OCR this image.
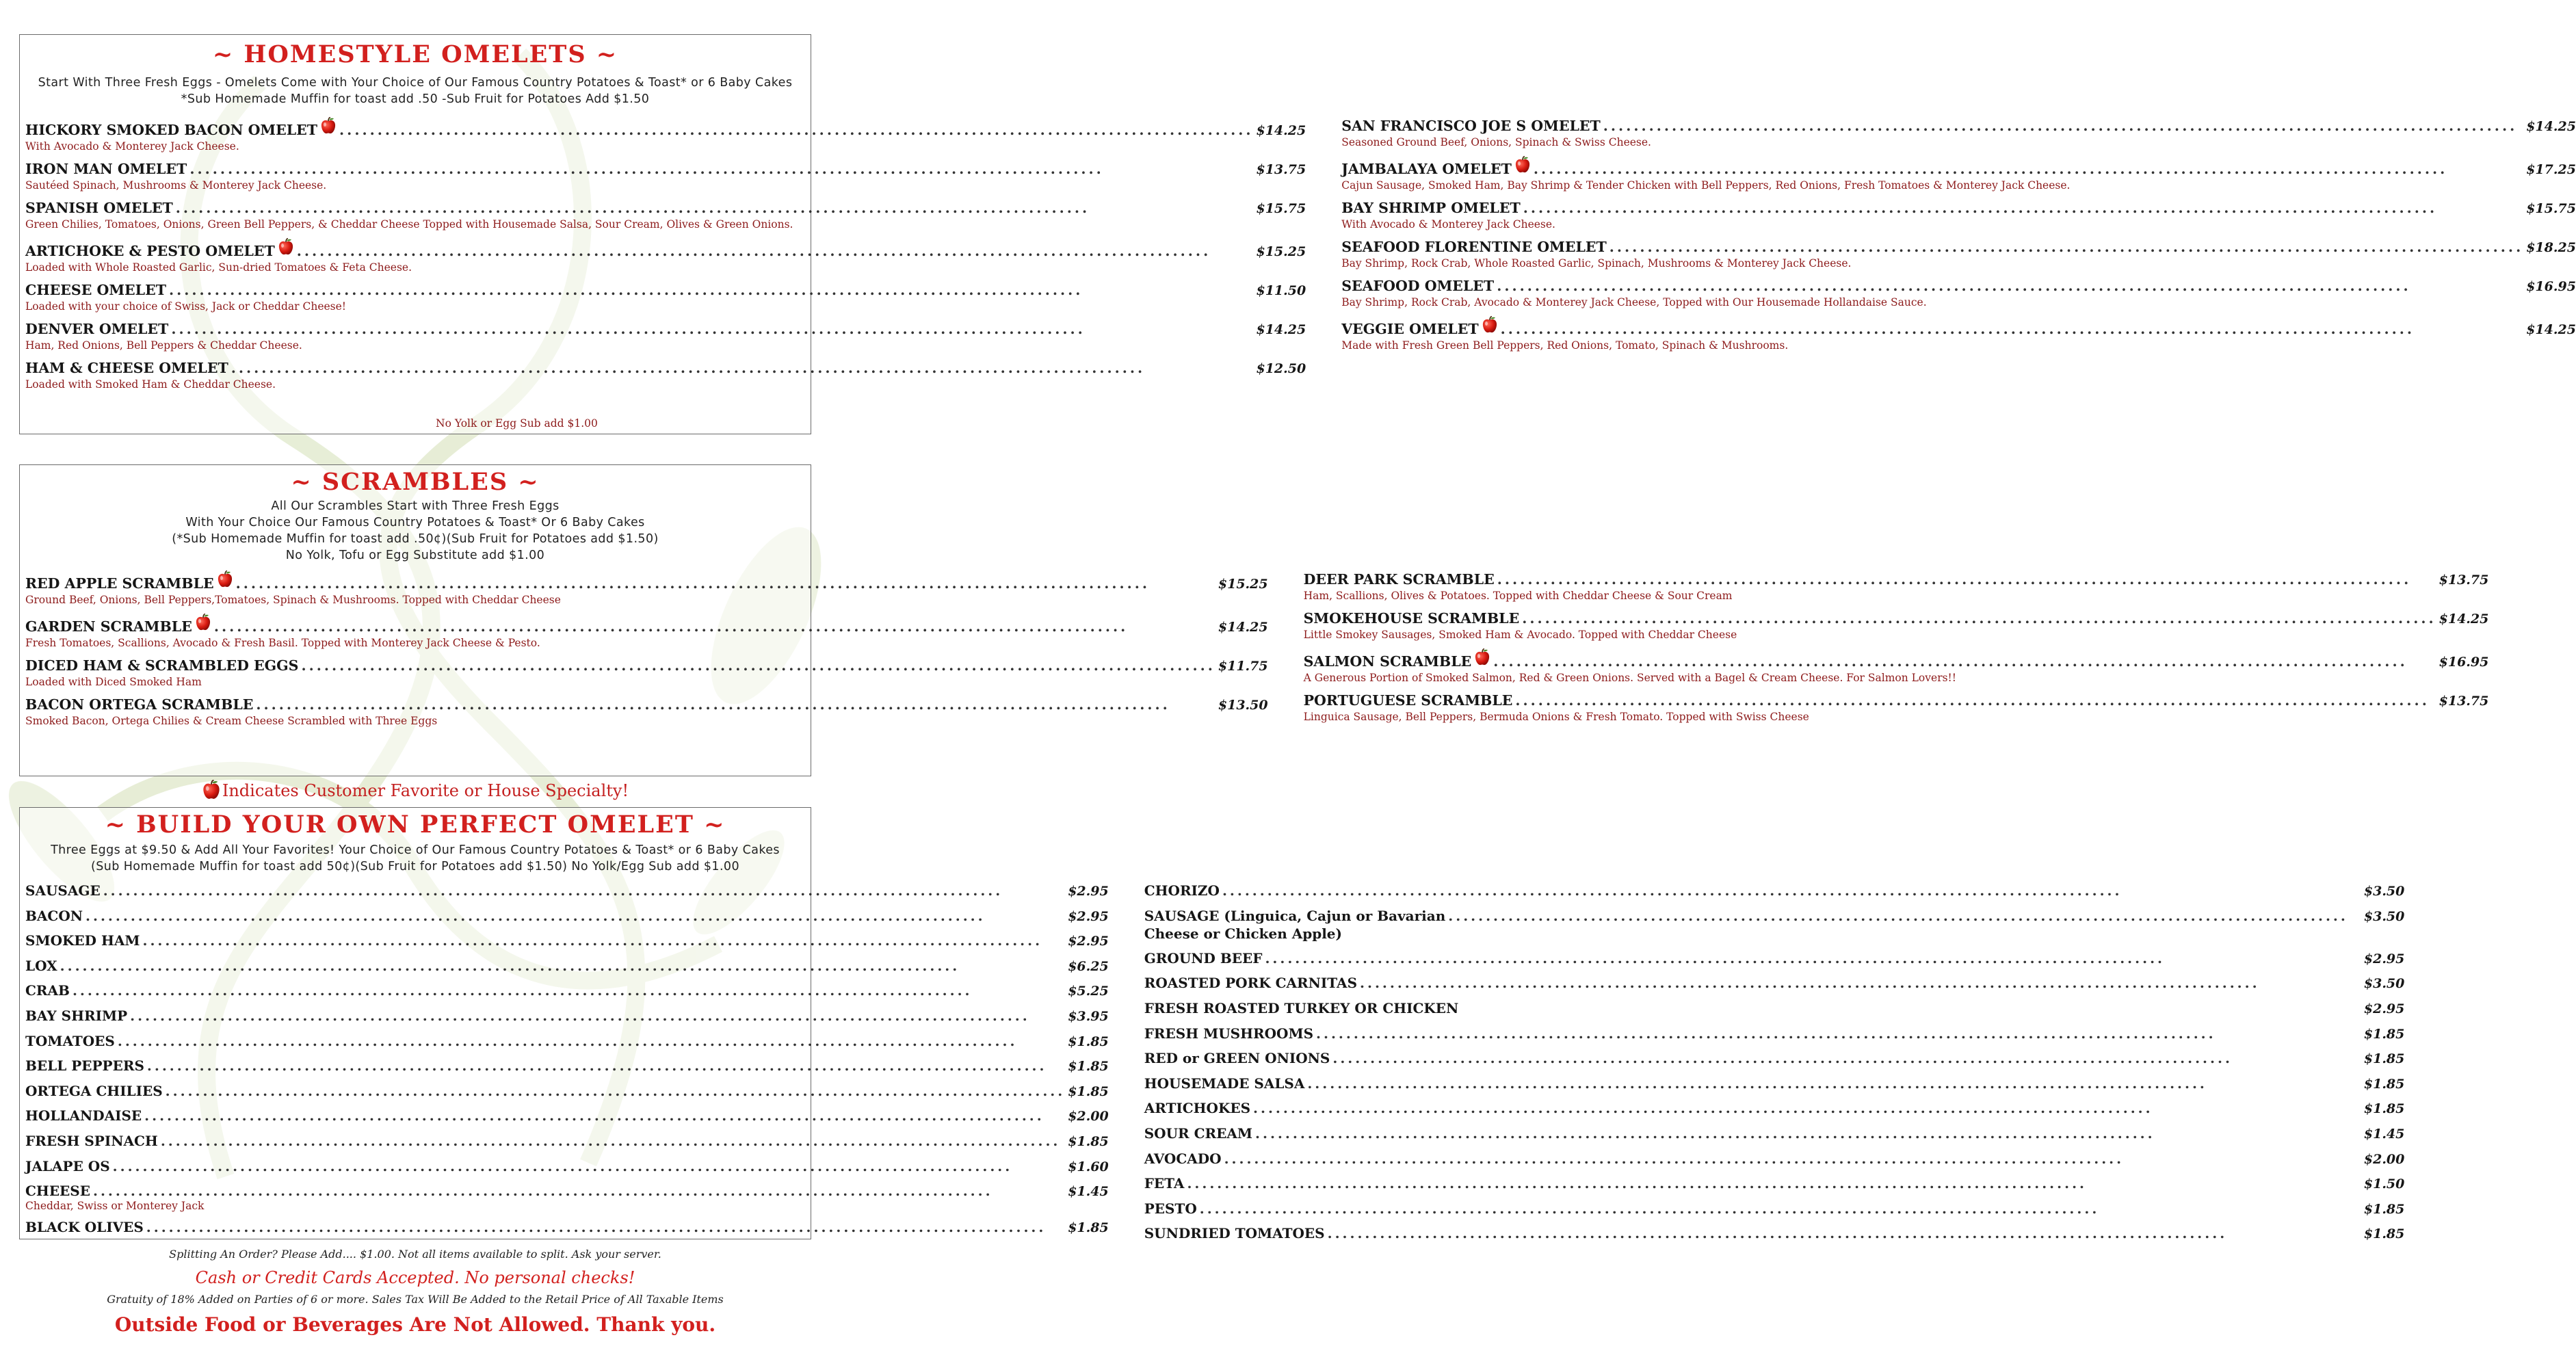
~ HOMESTYLE OMELETS ~
Start With Three Fresh Eggs - Omelets Come with Your Choice of Our Famous Country Potatoes & Toast* or 6 Baby Cakes *Sub Homemade Muffin for toast add .50 -Sub Fruit for Potatoes Add $1.50
HICKORY SMOKED BACON OMELET .....	$14.25
With Avocado & Monterey Jack Cheese.
IRON MAN OMELET .....	$13.75
Sautéed Spinach, Mushrooms & Monterey Jack Cheese.
SPANISH OMELET .....	$15.75
Green Chilies, Tomatoes, Onions, Green Bell Peppers, & Cheddar Cheese Topped with Housemade Salsa, Sour Cream, Olives & Green Onions.
ARTICHOKE & PESTO OMELET .....	$15.25
Loaded with Whole Roasted Garlic, Sun-dried Tomatoes & Feta Cheese.
CHEESE OMELET .....	$11.50
Loaded with your choice of Swiss, Jack or Cheddar Cheese!
DENVER OMELET .....	$14.25
Ham, Red Onions, Bell Peppers & Cheddar Cheese.
HAM & CHEESE OMELET .....	$12.50
Loaded with Smoked Ham & Cheddar Cheese.
SAN FRANCISCO JOE S OMELET .....	$14.25
Seasoned Ground Beef, Onions, Spinach & Swiss Cheese.
JAMBALAYA OMELET .....	$17.25
Cajun Sausage, Smoked Ham, Bay Shrimp & Tender Chicken with Bell Peppers, Red Onions, Fresh Tomatoes & Monterey Jack Cheese.
BAY SHRIMP OMELET .....	$15.75
With Avocado & Monterey Jack Cheese.
SEAFOOD FLORENTINE OMELET .....	$18.25
Bay Shrimp, Rock Crab, Whole Roasted Garlic, Spinach, Mushrooms & Monterey Jack Cheese.
SEAFOOD OMELET .....	$16.95
Bay Shrimp, Rock Crab, Avocado & Monterey Jack Cheese, Topped with Our Housemade Hollandaise Sauce.
VEGGIE OMELET .....	$14.25
Made with Fresh Green Bell Peppers, Red Onions, Tomato, Spinach & Mushrooms.
No Yolk or Egg Sub add $1.00
~ SCRAMBLES ~
All Our Scrambles Start with Three Fresh Eggs
With Your Choice Our Famous Country Potatoes & Toast* Or 6 Baby Cakes
(*Sub Homemade Muffin for toast add .50¢)(Sub Fruit for Potatoes add $1.50)
No Yolk, Tofu or Egg Substitute add $1.00
RED APPLE SCRAMBLE .....	$15.25
Ground Beef, Onions, Bell Peppers,Tomatoes, Spinach & Mushrooms. Topped with Cheddar Cheese
GARDEN SCRAMBLE .....	$14.25
Fresh Tomatoes, Scallions, Avocado & Fresh Basil. Topped with Monterey Jack Cheese & Pesto.
DICED HAM & SCRAMBLED EGGS .....	$11.75
Loaded with Diced Smoked Ham
BACON ORTEGA SCRAMBLE .....	$13.50
Smoked Bacon, Ortega Chilies & Cream Cheese Scrambled with Three Eggs
DEER PARK SCRAMBLE .....	$13.75
Ham, Scallions, Olives & Potatoes. Topped with Cheddar Cheese & Sour Cream
SMOKEHOUSE SCRAMBLE .....	$14.25
Little Smokey Sausages, Smoked Ham & Avocado. Topped with Cheddar Cheese
SALMON SCRAMBLE .....	$16.95
A Generous Portion of Smoked Salmon, Red & Green Onions. Served with a Bagel & Cream Cheese. For Salmon Lovers!!
PORTUGUESE SCRAMBLE .....	$13.75
Linguica Sausage, Bell Peppers, Bermuda Onions & Fresh Tomato. Topped with Swiss Cheese
Indicates Customer Favorite or House Specialty!
~ BUILD YOUR OWN PERFECT OMELET ~
Three Eggs at $9.50 & Add All Your Favorites! Your Choice of Our Famous Country Potatoes & Toast* or 6 Baby Cakes (Sub Homemade Muffin for toast add 50¢)(Sub Fruit for Potatoes add $1.50) No Yolk/Egg Sub add $1.00
SAUSAGE .....	$2.95
BACON .....	$2.95
SMOKED HAM .....	$2.95
LOX .....	$6.25
CRAB .....	$5.25
BAY SHRIMP .....	$3.95
TOMATOES .....	$1.85
BELL PEPPERS .....	$1.85
ORTEGA CHILIES .....	$1.85
HOLLANDAISE .....	$2.00
FRESH SPINACH .....	$1.85
JALAPE OS .....	$1.60
CHEESE .....	$1.45
Cheddar, Swiss or Monterey Jack
BLACK OLIVES .....	$1.85
CHORIZO .....	$3.50
SAUSAGE (Linguica, Cajun or Bavarian .....	$3.50
Cheese or Chicken Apple)
GROUND BEEF .....	$2.95
ROASTED PORK CARNITAS .....	$3.50
FRESH ROASTED TURKEY OR CHICKEN	$2.95
FRESH MUSHROOMS .....	$1.85
RED or GREEN ONIONS .....	$1.85
HOUSEMADE SALSA .....	$1.85
ARTICHOKES .....	$1.85
SOUR CREAM .....	$1.45
AVOCADO .....	$2.00
FETA .....	$1.50
PESTO .....	$1.85
SUNDRIED TOMATOES .....	$1.85
Splitting An Order? Please Add.... $1.00. Not all items available to split. Ask your server.
Cash or Credit Cards Accepted. No personal checks!
Gratuity of 18% Added on Parties of 6 or more. Sales Tax Will Be Added to the Retail Price of All Taxable Items
Outside Food or Beverages Are Not Allowed. Thank you.
